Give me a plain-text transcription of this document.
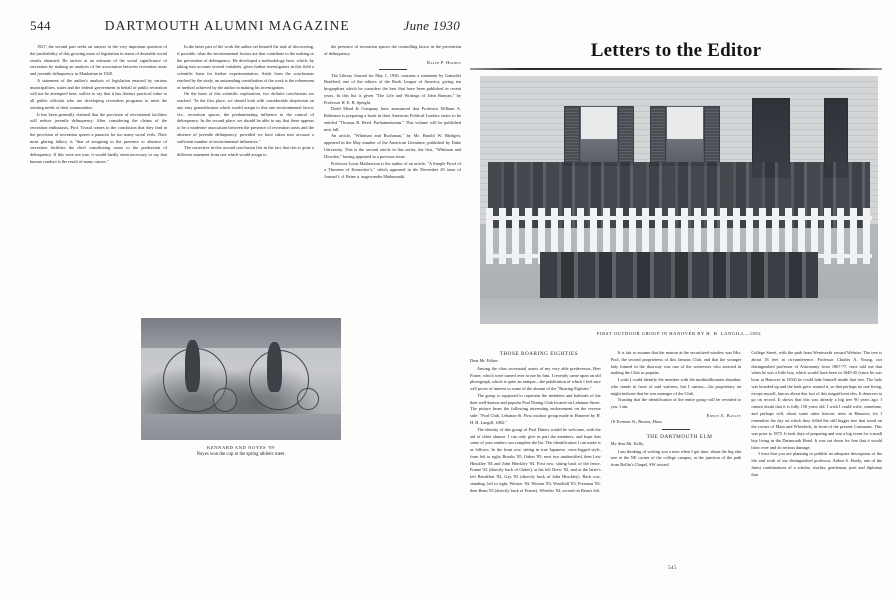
544	DARTMOUTH ALUMNI MAGAZINE	June 1930

1927; the second part seeks an answer to the very important question of the justifiability of this growing mass of legislation in terms of desirable social results obtained. He arrives at an estimate of the social significance of recreation by making an analysis of the association between recreation areas and juvenile delinquency in Manhattan in 1920.

A statement of the author's analysis of legislation enacted by various municipalities, states and the federal government in behalf of public recreation will not be attempted here; suffice to say that it has distinct practical value to all public officials who are developing recreation programs to meet the existing needs of their communities.

It has been generally claimed that the provision of recreational facilities will reduce juvenile delinquency. After considering the claims of the recreation enthusiasts, Prof. Truxal comes to the conclusion that they find in the provision of recreation spaces a panacea for too many social evils. Their most glaring fallacy is "that of assigning to the presence or absence of recreation facilities the chief contributing cause to the production of delinquency. If this were not true, it would hardly seem necessary to say that human conduct is the result of many causes."

In the latter part of the work the author set himself the task of discovering, if possible, what the environmental factors are that contribute to the making or the prevention of delinquency. He developed a methodology here, which, by taking into account several variables, gives further investigators in this field a scientific basis for further experimentation. Aside from the conclusions reached by the study, an outstanding contribution of the work is the refinement of method achieved by the author in making his investigation.

On the basis of this scientific exploration, two definite conclusions are reached. "In the first place, we should look with considerable skepticism on any easy generalization which would assign to this one environmental factor, viz., recreation spaces, the predominating influence in the control of delinquency. In the second place, we should be able to say that there appears to be a moderate association between the presence of recreation areas and the absence of juvenile delinquency, provided we have taken into account a sufficient number of environmental influences."

The corrective in this second conclusion lies in the fact that this is quite a different statement from one which would assign to

the presence of recreation spaces the controlling factor in the prevention of delinquency.

Ralph P. Holben

The Library Journal for May 1, 1930, contains a statement by Gamaliel Bradford, one of the editors of the Book League of America, giving ten biographies which he considers the best that have been published in recent years. In this list is given "The Life and Writings of John Bunyan," by Professor H. E. B. Speight.

Dodd Mead & Company have announced that Professor William A. Robinson is preparing a book in their American Political Leaders series to be entitled "Thomas B. Reed: Parliamentarian." This volume will be published next fall.

An article, "Whitman and Buchanan," by Mr. Harold W. Blodgett, appeared in the May number of the American Literature, published by Duke University. This is the second article in this series, the first, "Whitman and Dowden," having appeared in a previous issue.

Professor Louis Mathewson is the author of an article, "A Simple Proof of a Theorem of Kronecker's," which appeared in the December 29 issue of Journal f. d. Reine u. angewandte Mathematik.

KENNARD AND NOYES '89
Noyes won the cup in the spring athletic meet.
Letters to the Editor
FIRST OUTDOOR GROUP IN HANOVER BY H. H. LANGILL—1882

THOSE ROARING EIGHTIES

Dear Mr. Editor:

Among the class secretarial assets of my very able predecessor, Bert Foster, which were turned over to me by him, I recently came upon an old photograph, which is quite an antique—the publication of which I feel sure will prove of interest to some of the alumni of the "Roaring Eighties."

The group is supposed to represent the members and habitués of the then well-known and popular Pool Dining Club located on Lebanon Street. The picture bears the following interesting endorsement on the reverse side: "Pool Club, Lebanon St. First outdoor group made in Hanover by H. H. H. Langill, 1882."

The identity of this group of Pool Diners would be welcome, with the aid of other alumni. I can only give in part the members, and hope that some of your readers can complete the list. The identification I can make is as follows: In the front row, sitting in true Japanese, cross-legged style, from left to right; Brooks '85, Oakes '85; next two unidentified, then Lew Hinckley '84 and John Hinckley '84. First row: sitting back of the fence, Frame '82 (directly back of Oakes), at his left Drew '82, and at the latter's left Bendelari '82, Gay '83 (directly back of John Hinckley). Back row, standing, left to right, Weston '84, Weston '83, Woodfall '83, Freeman '83, then Bean '83 (directly back of Frame), Wheeler '84, second on Bean's left.

It is fair to assume that the matron at the securitized window was Mrs. Pool, the second proprietress of this famous Club, and that the younger lady framed in the doorway was one of the waitresses who assisted in making the Club so popular.

I wish I could identify the member with the multimillionaire abandon, who stands in front of said waitress, but I cannot,—his proprietary air might indicate that he was manager of the Club.

Trusting that the identification of the entire group will be revealed to you, I am,

Edwin A. Bayley

18 Tremont St., Boston, Mass.

THE DARTMOUTH ELM

My dear Mr. Kelly:

I am thinking of writing you a note when I get time, about the big elm tree at the NE corner of the college campus, at the junction of the path from Rollin's Chapel, SW toward

College Street, with the path from Wentworth toward Webster. The tree is about 18 feet in circumference. Professor Charles A. Young, our distinguished professor of Astronomy from 1867-77, once told me that when he was a little boy, which would have been in 1840-45 (since he was born at Hanover in 1834) he could hide himself inside that tree. The hole was boarded up and the bark grew around it, so that perhaps no one living, except myself, knows about this fact of this magnificent elm. It deserves to go on record. It shows that this was already a big tree 90 years ago. I cannot doubt that it is fully 150 years old. I wish I could write, sometime, and perhaps will, about some other historic trees in Hanover, for I remember the day on which they felled the still bigger tree that stood on the corner of Main and Wheelock, in front of the present Commons. This was prior to 1875. It took days of preparing and was a big event for a small boy living in the Dartmouth Hotel. It was cut down for fear that it would blow over and do serious damage.

I trust that you are planning to publish an adequate description of the life and work of our distinguished professor, Arthur S. Hardy, one of the finest combinations of a scholar, teacher, gentleman, poet and diplomat that

545
